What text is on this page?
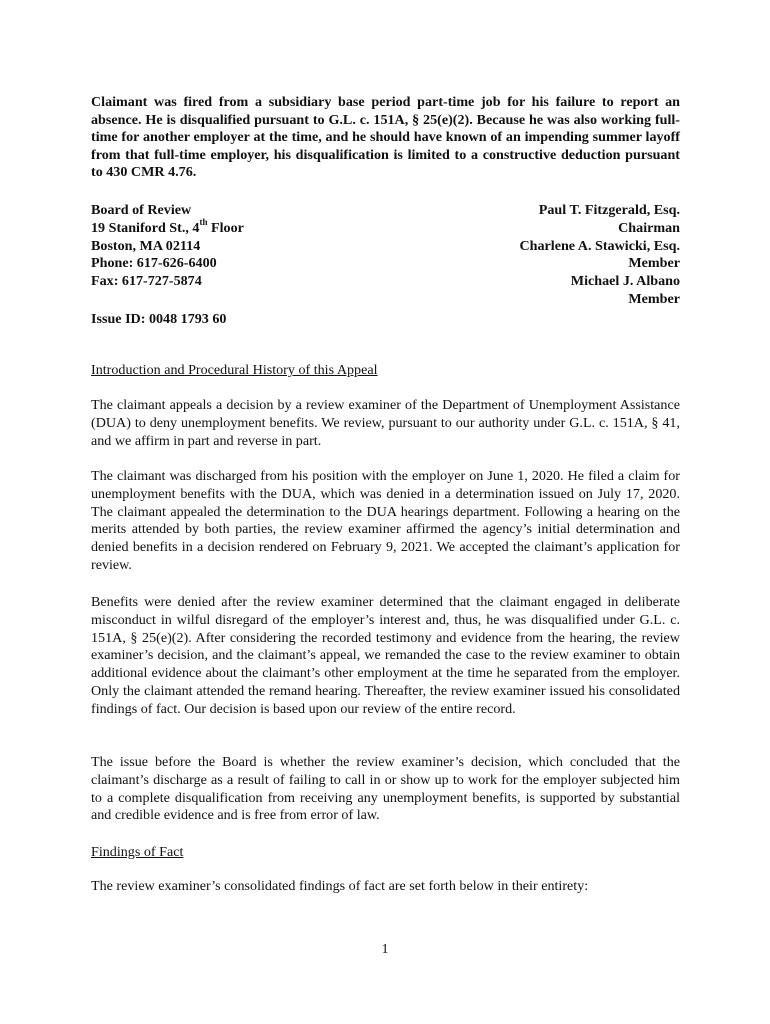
Claimant was fired from a subsidiary base period part-time job for his failure to report an absence. He is disqualified pursuant to G.L. c. 151A, § 25(e)(2). Because he was also working full-time for another employer at the time, and he should have known of an impending summer layoff from that full-time employer, his disqualification is limited to a constructive deduction pursuant to 430 CMR 4.76.

Board of Review
19 Staniford St., 4th Floor
Boston, MA 02114
Phone: 617-626-6400
Fax: 617-727-5874
Paul T. Fitzgerald, Esq.
Chairman
Charlene A. Stawicki, Esq.
Member
Michael J. Albano
Member
Issue ID: 0048 1793 60
Introduction and Procedural History of this Appeal

The claimant appeals a decision by a review examiner of the Department of Unemployment Assistance (DUA) to deny unemployment benefits. We review, pursuant to our authority under G.L. c. 151A, § 41, and we affirm in part and reverse in part.

The claimant was discharged from his position with the employer on June 1, 2020. He filed a claim for unemployment benefits with the DUA, which was denied in a determination issued on July 17, 2020. The claimant appealed the determination to the DUA hearings department. Following a hearing on the merits attended by both parties, the review examiner affirmed the agency’s initial determination and denied benefits in a decision rendered on February 9, 2021. We accepted the claimant’s application for review.

Benefits were denied after the review examiner determined that the claimant engaged in deliberate misconduct in wilful disregard of the employer’s interest and, thus, he was disqualified under G.L. c. 151A, § 25(e)(2). After considering the recorded testimony and evidence from the hearing, the review examiner’s decision, and the claimant’s appeal, we remanded the case to the review examiner to obtain additional evidence about the claimant’s other employment at the time he separated from the employer. Only the claimant attended the remand hearing. Thereafter, the review examiner issued his consolidated findings of fact. Our decision is based upon our review of the entire record.

The issue before the Board is whether the review examiner’s decision, which concluded that the claimant’s discharge as a result of failing to call in or show up to work for the employer subjected him to a complete disqualification from receiving any unemployment benefits, is supported by substantial and credible evidence and is free from error of law.

Findings of Fact

The review examiner’s consolidated findings of fact are set forth below in their entirety:

1
